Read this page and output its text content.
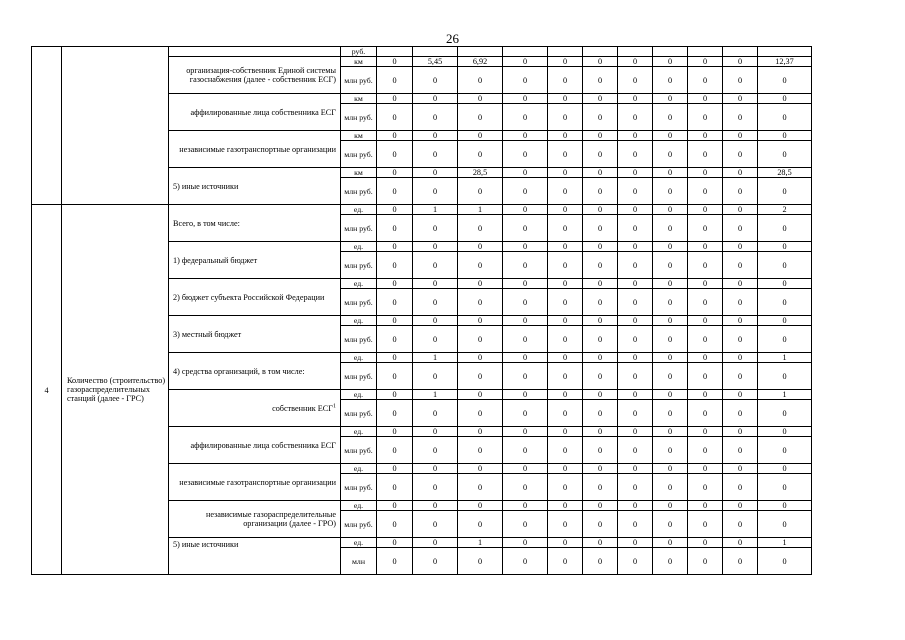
26
			руб.											
		организация-собственник Единой системы газоснабжения (далее - собственник ЕСГ)	км	0	5,45	6,92	0	0	0	0	0	0	0	12,37
			млн руб.	0	0	0	0	0	0	0	0	0	0	0
		аффилированные лица собственника ЕСГ	км	0	0	0	0	0	0	0	0	0	0	0
			млн руб.	0	0	0	0	0	0	0	0	0	0	0
		независимые газотранспортные организации	км	0	0	0	0	0	0	0	0	0	0	0
			млн руб.	0	0	0	0	0	0	0	0	0	0	0
		5) иные источники	км	0	0	28,5	0	0	0	0	0	0	0	28,5
			млн руб.	0	0	0	0	0	0	0	0	0	0	0
4	Количество (строительство) газораспределительных станций (далее - ГРС)	Всего, в том числе:	ед.	0	1	1	0	0	0	0	0	0	0	2
			млн руб.	0	0	0	0	0	0	0	0	0	0	0
		1) федеральный бюджет	ед.	0	0	0	0	0	0	0	0	0	0	0
			млн руб.	0	0	0	0	0	0	0	0	0	0	0
		2) бюджет субъекта Российской Федерации	ед.	0	0	0	0	0	0	0	0	0	0	0
			млн руб.	0	0	0	0	0	0	0	0	0	0	0
		3) местный бюджет	ед.	0	0	0	0	0	0	0	0	0	0	0
			млн руб.	0	0	0	0	0	0	0	0	0	0	0
		4) средства организаций, в том числе:	ед.	0	1	0	0	0	0	0	0	0	0	1
			млн руб.	0	0	0	0	0	0	0	0	0	0	0
		собственник ЕСГ$^1$	ед.	0	1	0	0	0	0	0	0	0	0	1
			млн руб.	0	0	0	0	0	0	0	0	0	0	0
		аффилированные лица собственника ЕСГ	ед.	0	0	0	0	0	0	0	0	0	0	0
			млн руб.	0	0	0	0	0	0	0	0	0	0	0
		независимые газотранспортные организации	ед.	0	0	0	0	0	0	0	0	0	0	0
			млн руб.	0	0	0	0	0	0	0	0	0	0	0
		независимые газораспределительные организации (далее - ГРО)	ед.	0	0	0	0	0	0	0	0	0	0	0
			млн руб.	0	0	0	0	0	0	0	0	0	0	0
		5) иные источники	ед.	0	0	1	0	0	0	0	0	0	0	1
			млн	0	0	0	0	0	0	0	0	0	0	0
